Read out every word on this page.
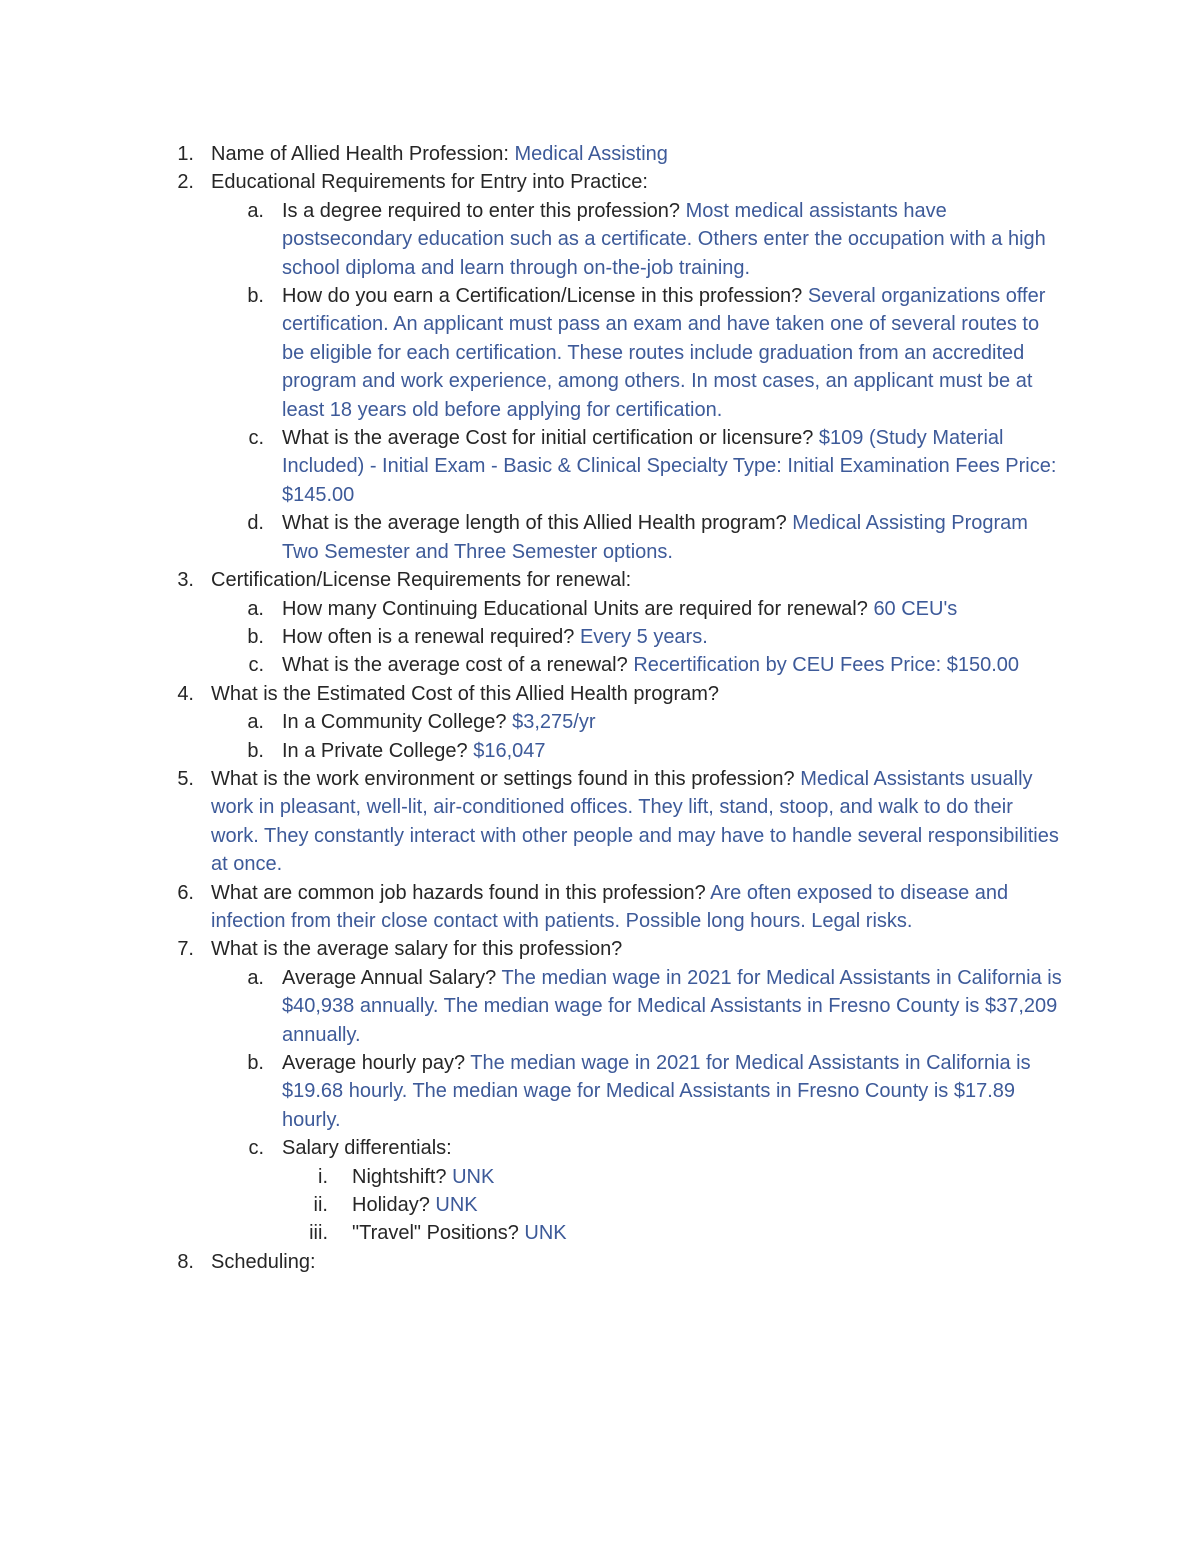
1. Name of Allied Health Profession: Medical Assisting
2. Educational Requirements for Entry into Practice:
a. Is a degree required to enter this profession? Most medical assistants have postsecondary education such as a certificate. Others enter the occupation with a high school diploma and learn through on-the-job training.
b. How do you earn a Certification/License in this profession? Several organizations offer certification. An applicant must pass an exam and have taken one of several routes to be eligible for each certification. These routes include graduation from an accredited program and work experience, among others. In most cases, an applicant must be at least 18 years old before applying for certification.
c. What is the average Cost for initial certification or licensure? $109 (Study Material Included) - Initial Exam - Basic & Clinical Specialty Type: Initial Examination Fees Price: $145.00
d. What is the average length of this Allied Health program? Medical Assisting Program Two Semester and Three Semester options.
3. Certification/License Requirements for renewal:
a. How many Continuing Educational Units are required for renewal? 60 CEU's
b. How often is a renewal required? Every 5 years.
c. What is the average cost of a renewal? Recertification by CEU Fees Price: $150.00
4. What is the Estimated Cost of this Allied Health program?
a. In a Community College? $3,275/yr
b. In a Private College? $16,047
5. What is the work environment or settings found in this profession? Medical Assistants usually work in pleasant, well-lit, air-conditioned offices. They lift, stand, stoop, and walk to do their work. They constantly interact with other people and may have to handle several responsibilities at once.
6. What are common job hazards found in this profession? Are often exposed to disease and infection from their close contact with patients. Possible long hours. Legal risks.
7. What is the average salary for this profession?
a. Average Annual Salary? The median wage in 2021 for Medical Assistants in California is $40,938 annually. The median wage for Medical Assistants in Fresno County is $37,209 annually.
b. Average hourly pay? The median wage in 2021 for Medical Assistants in California is $19.68 hourly. The median wage for Medical Assistants in Fresno County is $17.89 hourly.
c. Salary differentials:
i. Nightshift? UNK
ii. Holiday? UNK
iii. "Travel" Positions? UNK
8. Scheduling:
